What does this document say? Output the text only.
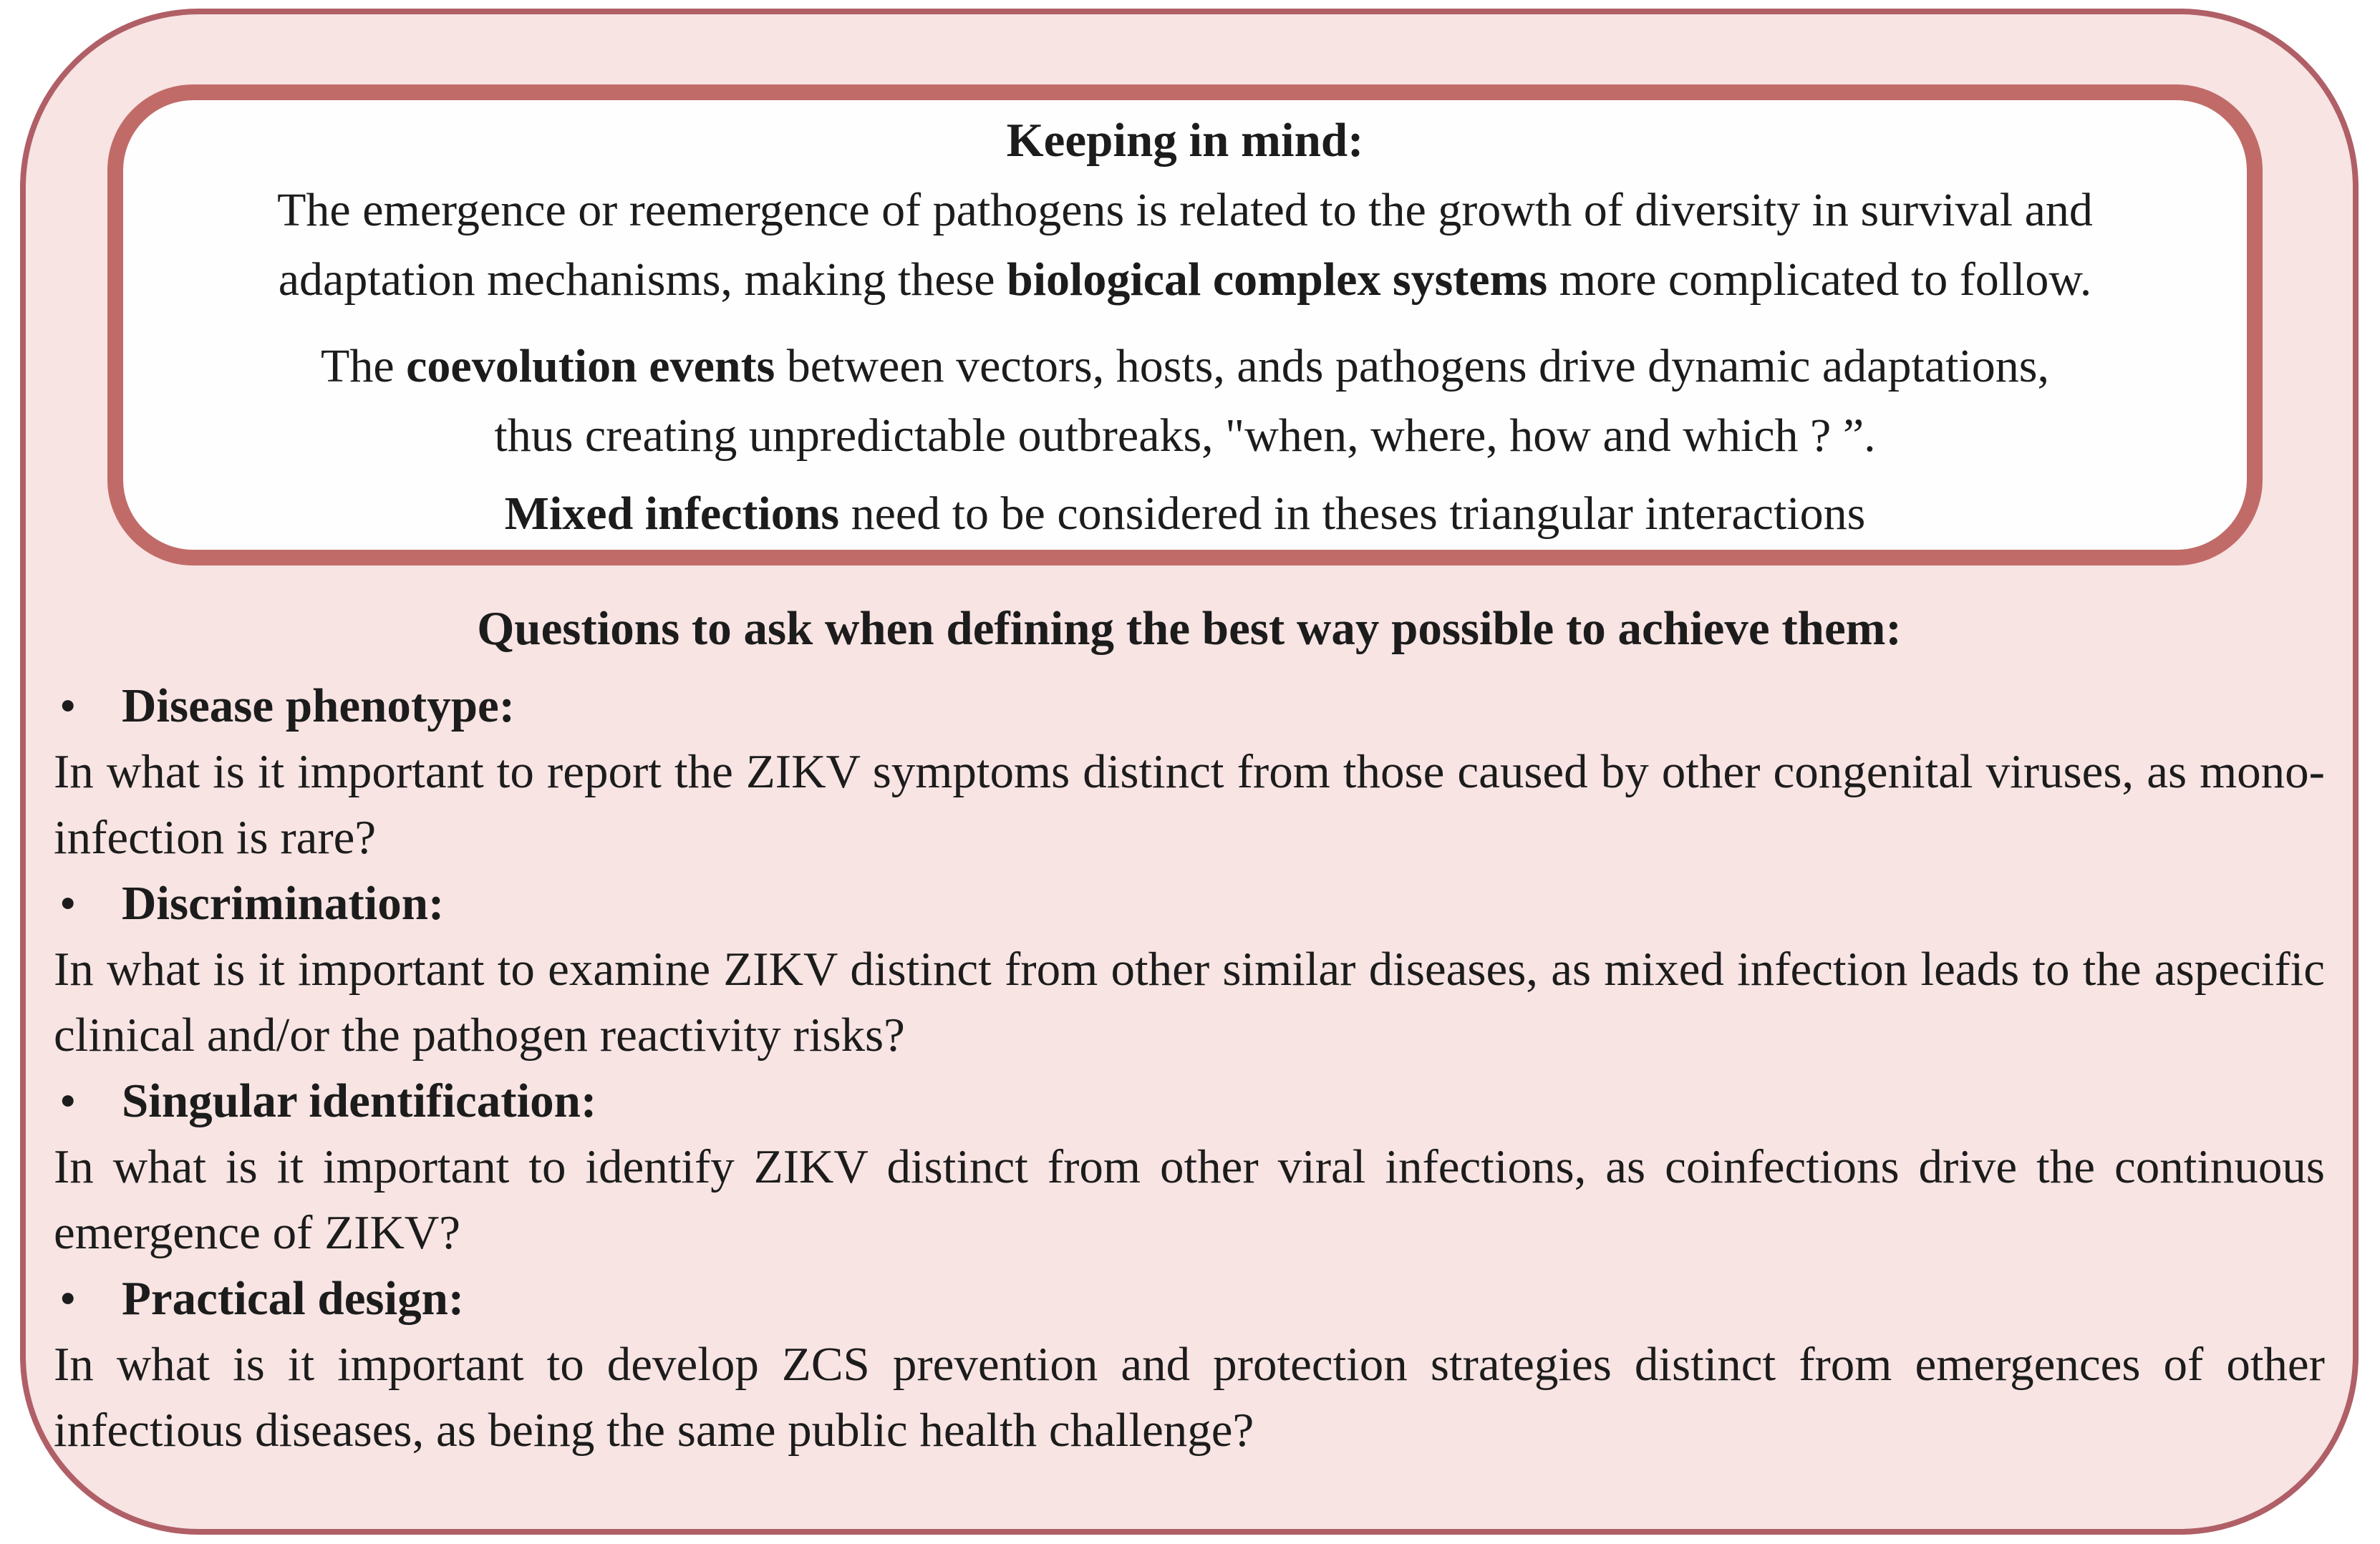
Keeping in mind:
The emergence or reemergence of pathogens is related to the growth of diversity in survival and
adaptation mechanisms, making these biological complex systems more complicated to follow.
The coevolution events between vectors, hosts, ands pathogens drive dynamic adaptations,
thus creating unpredictable outbreaks, "when, where, how and which ? ”.
Mixed infections need to be considered in theses triangular interactions
Questions to ask when defining the best way possible to achieve them:
• Disease phenotype:
In what is it important to report the ZIKV symptoms distinct from those caused by other congenital viruses, as mono-infection is rare?
• Discrimination:
In what is it important to examine ZIKV distinct from other similar diseases, as mixed infection leads to the aspecific clinical and/or the pathogen reactivity risks?
• Singular identification:
In what is it important to identify ZIKV distinct from other viral infections, as coinfections drive the continuous emergence of ZIKV?
• Practical design:
In what is it important to develop ZCS prevention and protection strategies distinct from emergences of other infectious diseases, as being the same public health challenge?
